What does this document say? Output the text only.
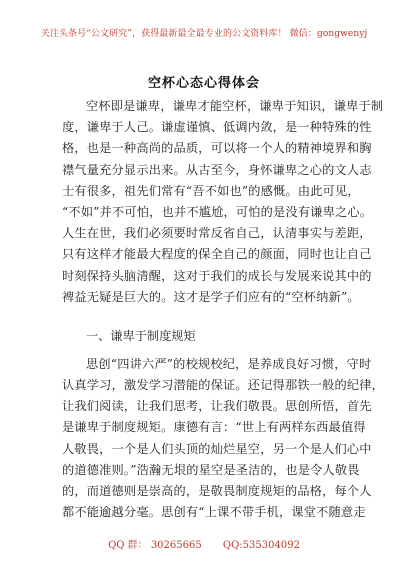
关注头条号“公文研究”，获得最新最全最专业的公文资料库！ 微信：gongwenyj
空杯心态心得体会
空杯即是谦卑，谦卑才能空杯，谦卑于知识，谦卑于制
度，谦卑于人己。谦虚谨慎、低调内敛，是一种特殊的性
格，也是一种高尚的品质，可以将一个人的精神境界和胸
襟气量充分显示出来。从古至今，身怀谦卑之心的文人志
士有很多，祖先们常有“吾不如也”的感慨。由此可见，
“不如”并不可怕，也并不尴尬，可怕的是没有谦卑之心。
人生在世，我们必须要时常反省自己，认清事实与差距，
只有这样才能最大程度的保全自己的颜面，同时也让自己
时刻保持头脑清醒，这对于我们的成长与发展来说其中的
裨益无疑是巨大的。这才是学子们应有的“空杯纳新”。
一、谦卑于制度规矩
思创“四讲六严”的校规校纪，是养成良好习惯，守时
认真学习，激发学习潜能的保证。还记得那铁一般的纪律，
让我们阅读，让我们思考，让我们敬畏。思创所悟，首先
是谦卑于制度规矩。康德有言：“世上有两样东西最值得
人敬畏，一个是人们头顶的灿烂星空，另一个是人们心中
的道德准则。”浩瀚无垠的星空是圣洁的，也是令人敬畏
的，而道德则是崇高的，是敬畏制度规矩的品格，每个人
都不能逾越分毫。思创有“上课不带手机，课堂不随意走
QQ 群： 30265665 QQ:535304092
